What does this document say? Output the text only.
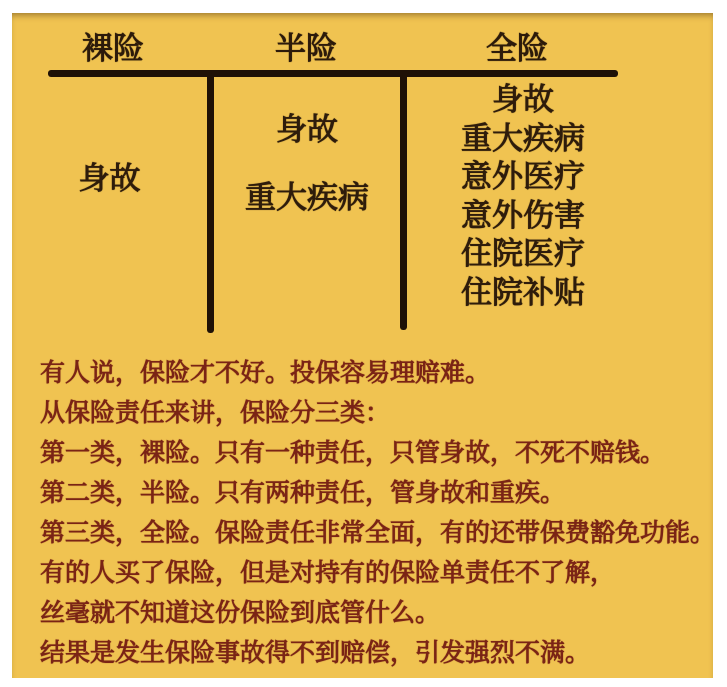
裸险	半险	全险
身故
身故
重大疾病
身故
重大疾病
意外医疗
意外伤害
住院医疗
住院补贴
有人说，保险才不好。投保容易理赔难。
从保险责任来讲，保险分三类：
第一类，裸险。只有一种责任，只管身故，不死不赔钱。
第二类，半险。只有两种责任，管身故和重疾。
第三类，全险。保险责任非常全面，有的还带保费豁免功能。
有的人买了保险，但是对持有的保险单责任不了解，
丝毫就不知道这份保险到底管什么。
结果是发生保险事故得不到赔偿，引发强烈不满。
